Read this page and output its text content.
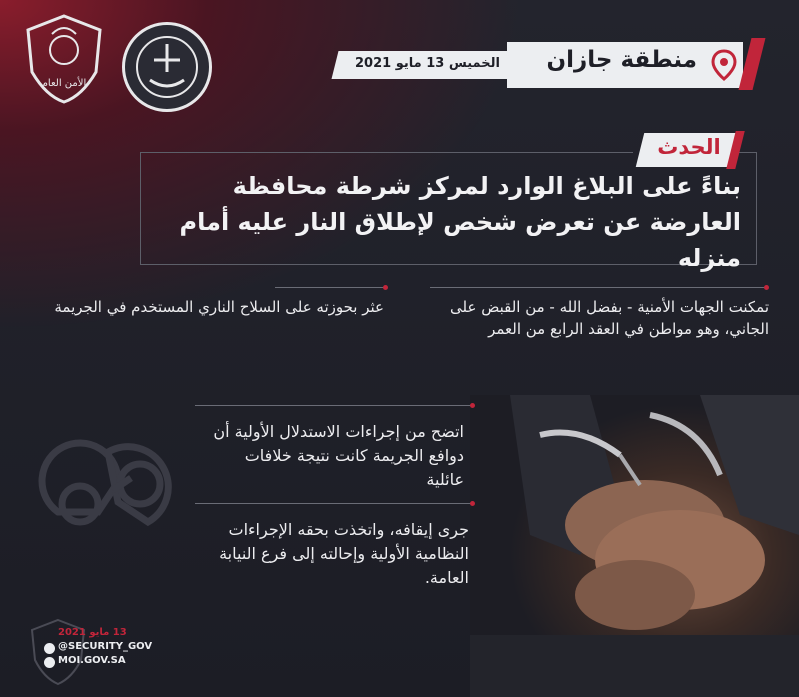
الأمن العام
الخميس 13 مايو 2021 منطقة جازان
الحدث
بناءً على البلاغ الوارد لمركز شرطة محافظة العارضة عن تعرض شخص لإطلاق النار عليه أمام منزله
تمكنت الجهات الأمنية - بفضل الله - من القبض على الجاني، وهو مواطن في العقد الرابع من العمر
عثر بحوزته على السلاح الناري المستخدم في الجريمة
اتضح من إجراءات الاستدلال الأولية أن دوافع الجريمة كانت نتيجة خلافات عائلية
جرى إيقافه، واتخذت بحقه الإجراءات النظامية الأولية وإحالته إلى فرع النيابة العامة.
13 مايو 2021
@SECURITY_GOV
MOI.GOV.SA
